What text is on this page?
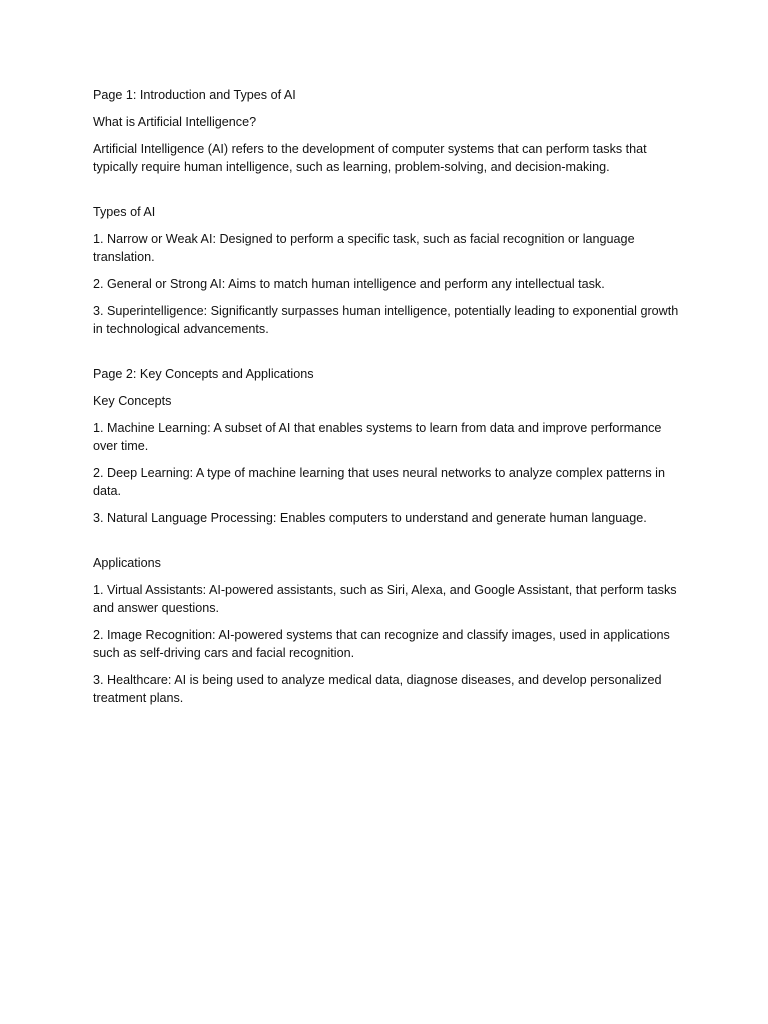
Page 1: Introduction and Types of AI

What is Artificial Intelligence?

Artificial Intelligence (AI) refers to the development of computer systems that can perform tasks that typically require human intelligence, such as learning, problem-solving, and decision-making.

Types of AI

1. Narrow or Weak AI: Designed to perform a specific task, such as facial recognition or language translation.

2. General or Strong AI: Aims to match human intelligence and perform any intellectual task.

3. Superintelligence: Significantly surpasses human intelligence, potentially leading to exponential growth in technological advancements.

Page 2: Key Concepts and Applications

Key Concepts

1. Machine Learning: A subset of AI that enables systems to learn from data and improve performance over time.

2. Deep Learning: A type of machine learning that uses neural networks to analyze complex patterns in data.

3. Natural Language Processing: Enables computers to understand and generate human language.

Applications

1. Virtual Assistants: AI-powered assistants, such as Siri, Alexa, and Google Assistant, that perform tasks and answer questions.

2. Image Recognition: AI-powered systems that can recognize and classify images, used in applications such as self-driving cars and facial recognition.

3. Healthcare: AI is being used to analyze medical data, diagnose diseases, and develop personalized treatment plans.
